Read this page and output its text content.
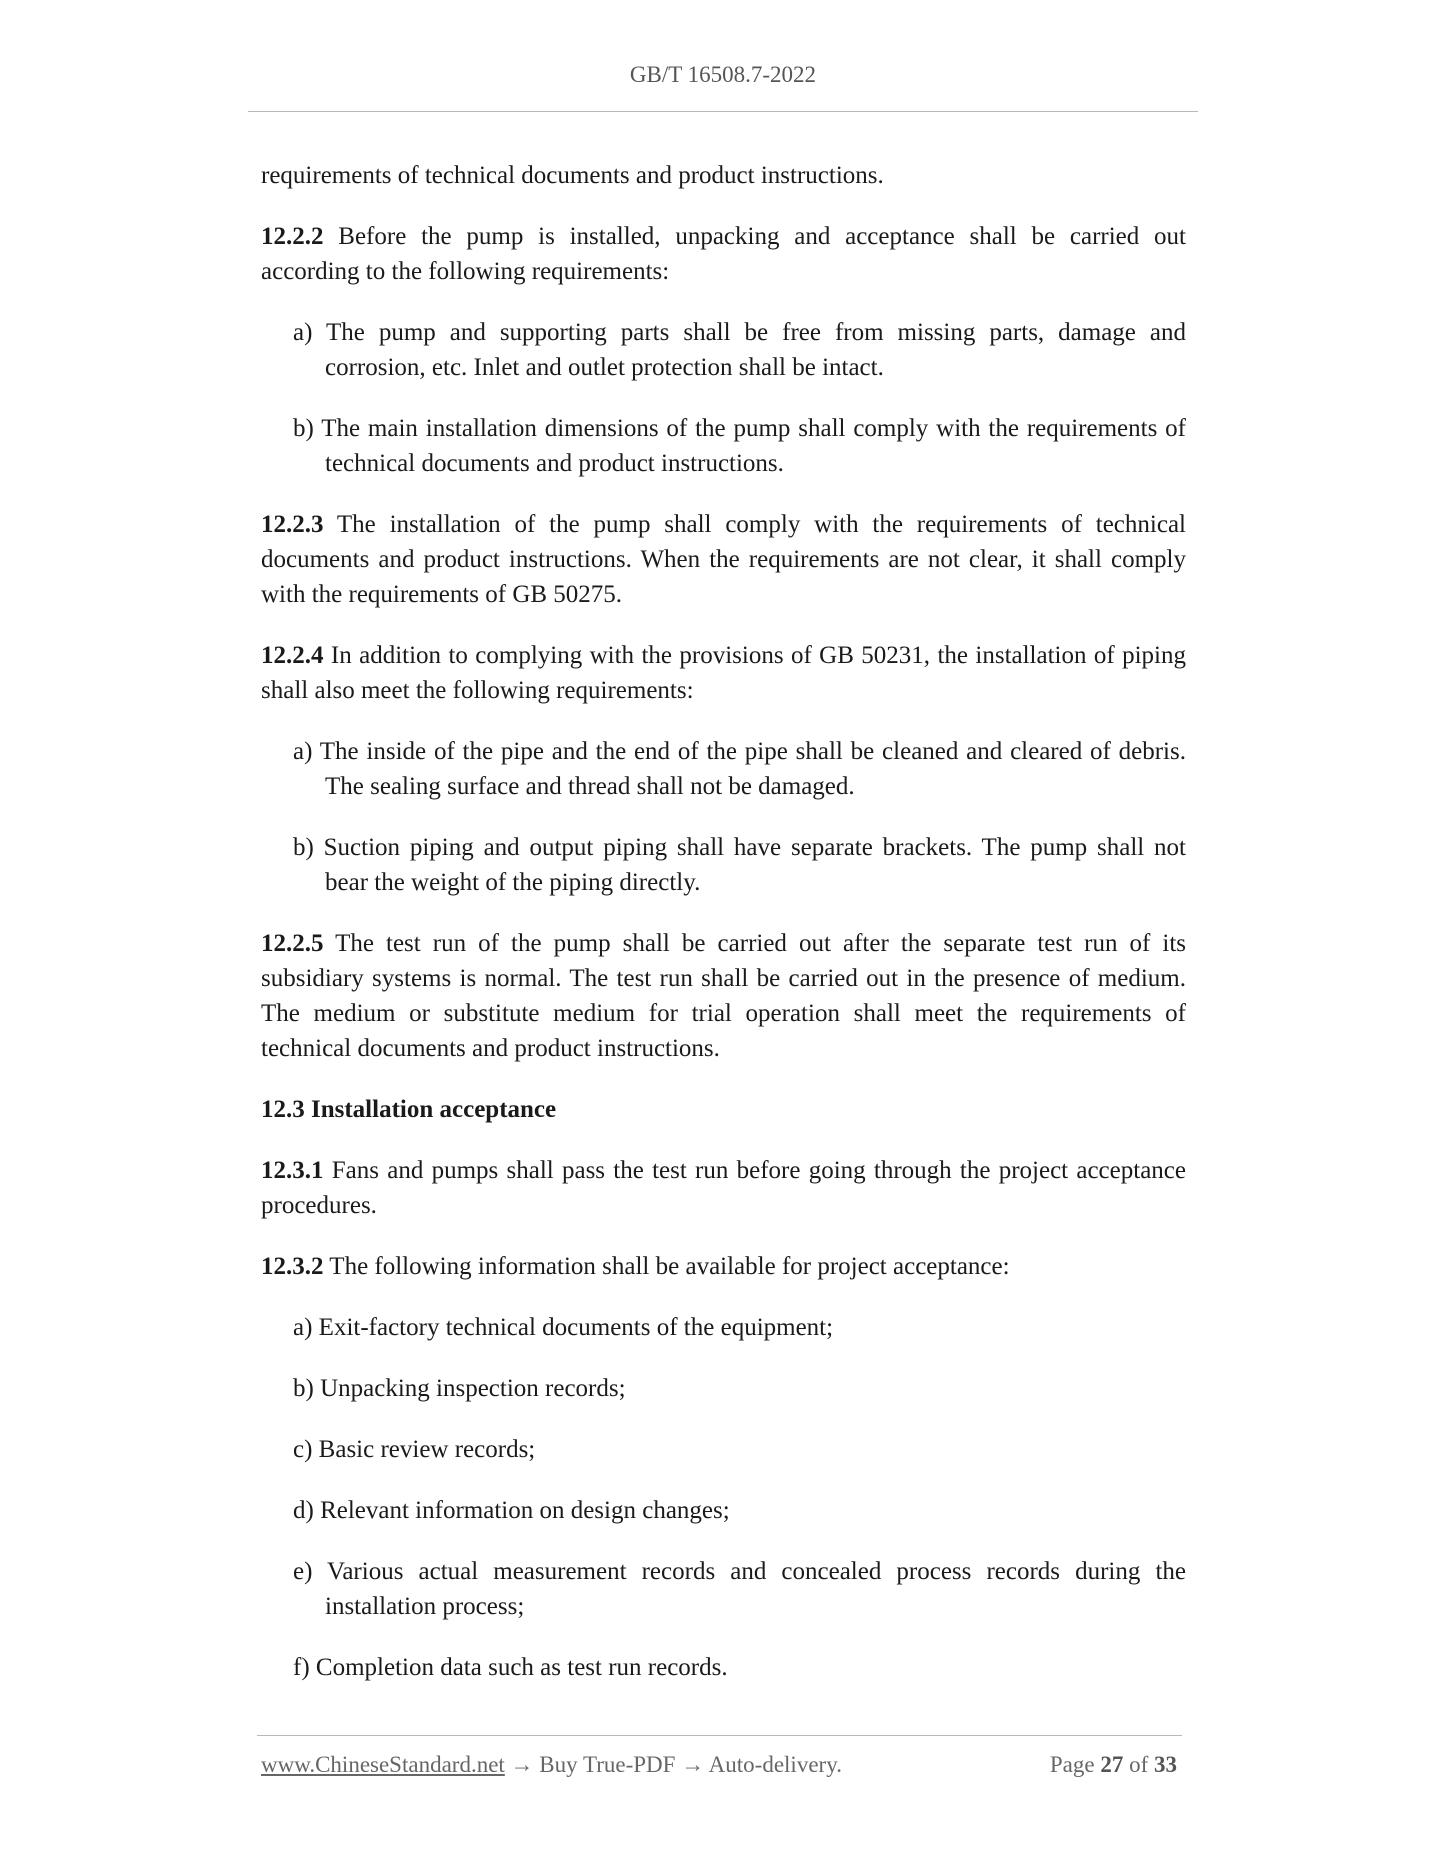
GB/T 16508.7-2022

requirements of technical documents and product instructions.

12.2.2 Before the pump is installed, unpacking and acceptance shall be carried out according to the following requirements:

a) The pump and supporting parts shall be free from missing parts, damage and corrosion, etc. Inlet and outlet protection shall be intact.

b) The main installation dimensions of the pump shall comply with the requirements of technical documents and product instructions.

12.2.3 The installation of the pump shall comply with the requirements of technical documents and product instructions. When the requirements are not clear, it shall comply with the requirements of GB 50275.

12.2.4 In addition to complying with the provisions of GB 50231, the installation of piping shall also meet the following requirements:

a) The inside of the pipe and the end of the pipe shall be cleaned and cleared of debris. The sealing surface and thread shall not be damaged.

b) Suction piping and output piping shall have separate brackets. The pump shall not bear the weight of the piping directly.

12.2.5 The test run of the pump shall be carried out after the separate test run of its subsidiary systems is normal. The test run shall be carried out in the presence of medium. The medium or substitute medium for trial operation shall meet the requirements of technical documents and product instructions.

12.3 Installation acceptance

12.3.1 Fans and pumps shall pass the test run before going through the project acceptance procedures.

12.3.2 The following information shall be available for project acceptance:

a) Exit-factory technical documents of the equipment;

b) Unpacking inspection records;

c) Basic review records;

d) Relevant information on design changes;

e) Various actual measurement records and concealed process records during the installation process;

f) Completion data such as test run records.

www.ChineseStandard.net → Buy True-PDF → Auto-delivery.	Page 27 of 33
